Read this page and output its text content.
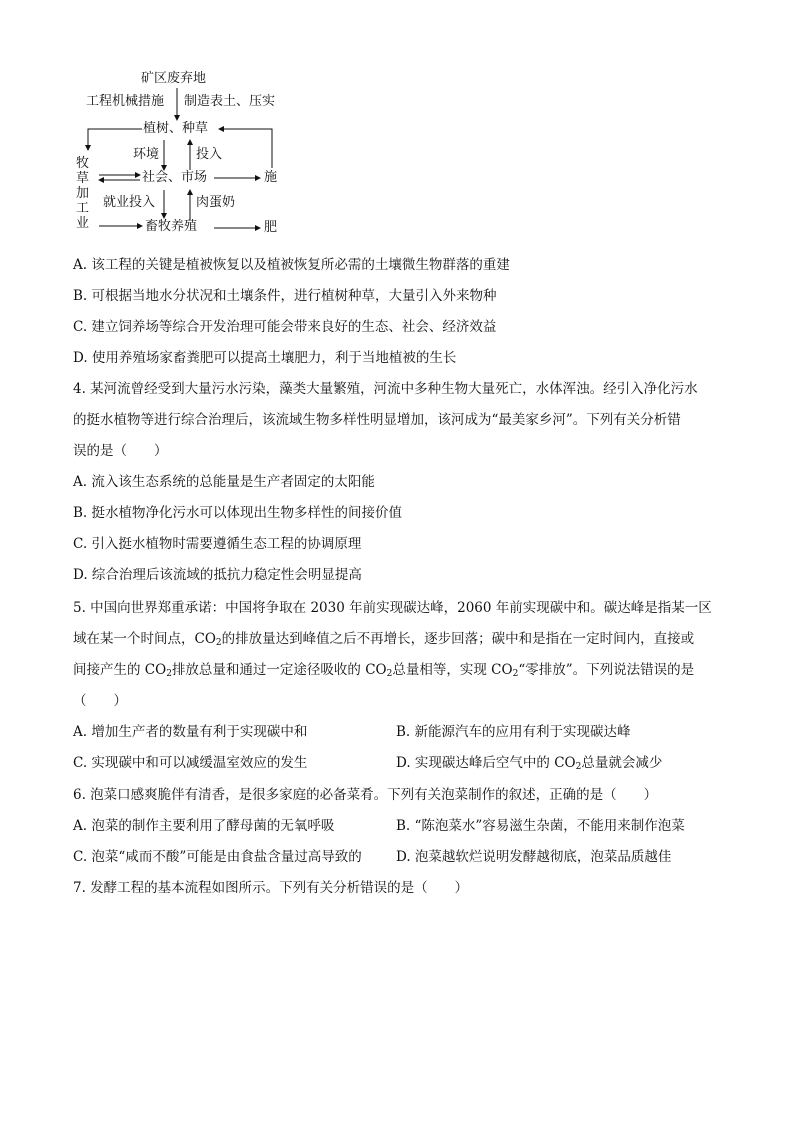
矿区废弃地
工程机械措施 制造表土、压实
植树、种草
环境	投入
社会、市场
就业投入	肉蛋奶
畜牧养殖
牧
草
加
工
业
施
肥
A. 该工程的关键是植被恢复以及植被恢复所必需的土壤微生物群落的重建
B. 可根据当地水分状况和土壤条件，进行植树种草，大量引入外来物种
C. 建立饲养场等综合开发治理可能会带来良好的生态、社会、经济效益
D. 使用养殖场家畜粪肥可以提高土壤肥力，利于当地植被的生长
4. 某河流曾经受到大量污水污染，藻类大量繁殖，河流中多种生物大量死亡，水体浑浊。经引入净化污水
的挺水植物等进行综合治理后，该流域生物多样性明显增加，该河成为“最美家乡河”。下列有关分析错
误的是（　　）
A. 流入该生态系统的总能量是生产者固定的太阳能
B. 挺水植物净化污水可以体现出生物多样性的间接价值
C. 引入挺水植物时需要遵循生态工程的协调原理
D. 综合治理后该流域的抵抗力稳定性会明显提高
5. 中国向世界郑重承诺：中国将争取在 2030 年前实现碳达峰，2060 年前实现碳中和。碳达峰是指某一区
域在某一个时间点，$CO_2$的排放量达到峰值之后不再增长，逐步回落；碳中和是指在一定时间内，直接或
间接产生的 $CO_2$排放总量和通过一定途径吸收的 $CO_2$总量相等，实现 $CO_2“$零排放”。下列说法错误的是
（　　）
A. 增加生产者的数量有利于实现碳中和	B. 新能源汽车的应用有利于实现碳达峰
C. 实现碳中和可以减缓温室效应的发生	D. 实现碳达峰后空气中的 $CO_2$总量就会减少
6. 泡菜口感爽脆伴有清香，是很多家庭的必备菜肴。下列有关泡菜制作的叙述，正确的是（　　）
A. 泡菜的制作主要利用了酵母菌的无氧呼吸	B. “陈泡菜水”容易滋生杂菌，不能用来制作泡菜
C. 泡菜“咸而不酸”可能是由食盐含量过高导致的	D. 泡菜越软烂说明发酵越彻底，泡菜品质越佳
7. 发酵工程的基本流程如图所示。下列有关分析错误的是（　　）
